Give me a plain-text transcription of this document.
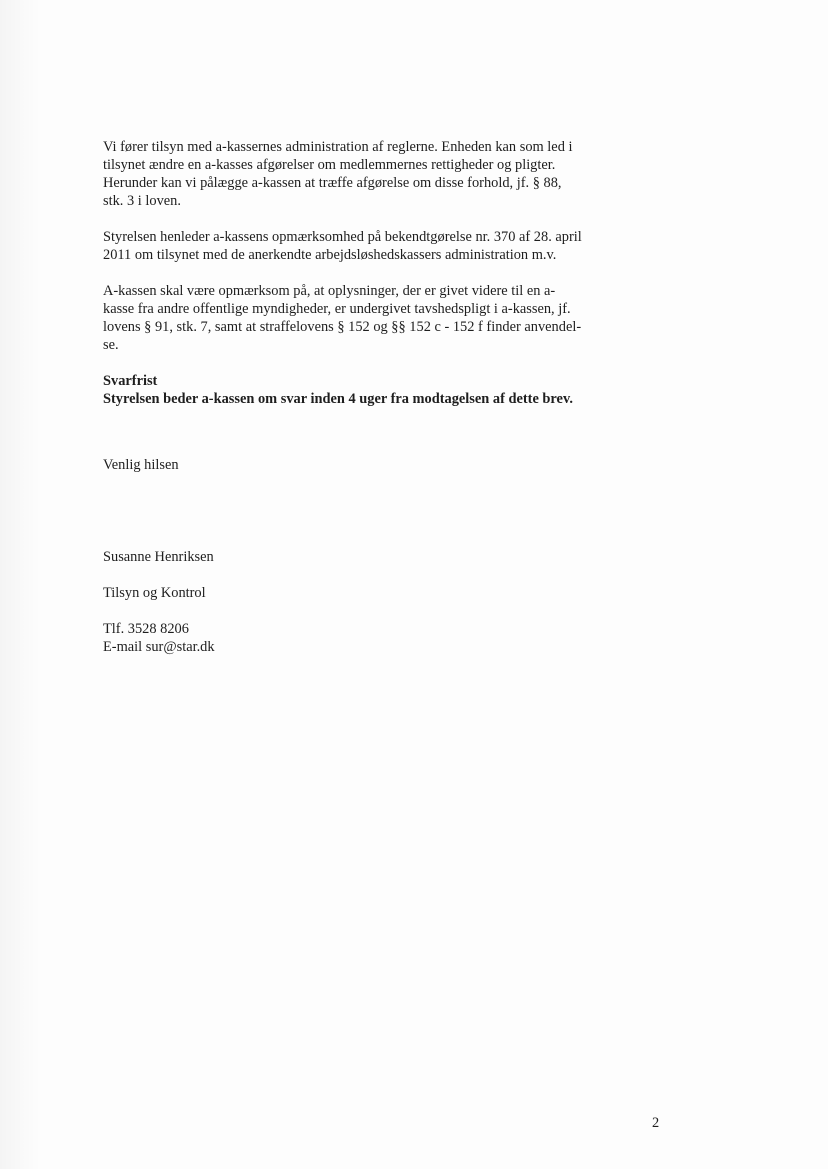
Vi fører tilsyn med a-kassernes administration af reglerne. Enheden kan som led i
tilsynet ændre en a-kasses afgørelser om medlemmernes rettigheder og pligter.
Herunder kan vi pålægge a-kassen at træffe afgørelse om disse forhold, jf. § 88,
stk. 3 i loven.

Styrelsen henleder a-kassens opmærksomhed på bekendtgørelse nr. 370 af 28. april
2011 om tilsynet med de anerkendte arbejdsløshedskassers administration m.v.

A-kassen skal være opmærksom på, at oplysninger, der er givet videre til en a-
kasse fra andre offentlige myndigheder, er undergivet tavshedspligt i a-kassen, jf.
lovens § 91, stk. 7, samt at straffelovens § 152 og §§ 152 c - 152 f finder anvendel-
se.

Svarfrist
Styrelsen beder a-kassen om svar inden 4 uger fra modtagelsen af dette brev.

Venlig hilsen
Susanne Henriksen
Tilsyn og Kontrol
Tlf. 3528 8206
E-mail sur@star.dk
2
